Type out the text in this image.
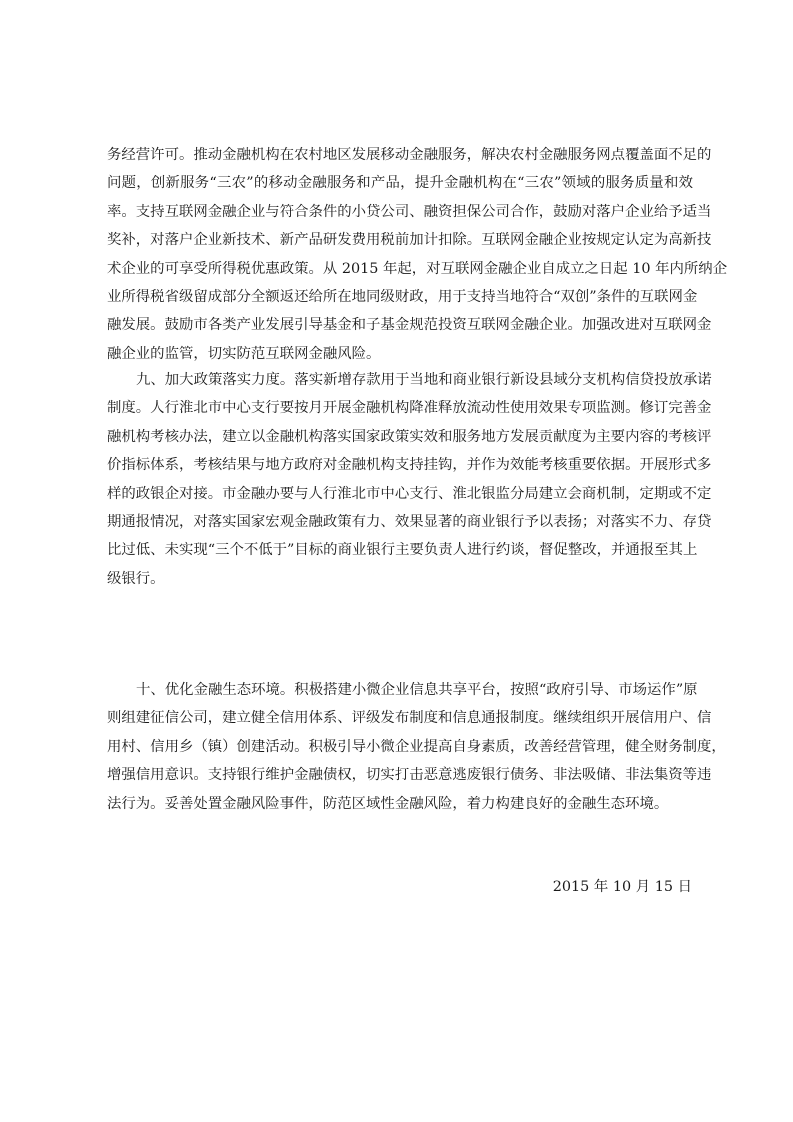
务经营许可。推动金融机构在农村地区发展移动金融服务，解决农村金融服务网点覆盖面不足的
问题，创新服务“三农”的移动金融服务和产品，提升金融机构在“三农”领域的服务质量和效
率。支持互联网金融企业与符合条件的小贷公司、融资担保公司合作，鼓励对落户企业给予适当
奖补，对落户企业新技术、新产品研发费用税前加计扣除。互联网金融企业按规定认定为高新技
术企业的可享受所得税优惠政策。从 2015 年起，对互联网金融企业自成立之日起 10 年内所纳企
业所得税省级留成部分全额返还给所在地同级财政，用于支持当地符合“双创”条件的互联网金
融发展。鼓励市各类产业发展引导基金和子基金规范投资互联网金融企业。加强改进对互联网金
融企业的监管，切实防范互联网金融风险。
九、加大政策落实力度。落实新增存款用于当地和商业银行新设县域分支机构信贷投放承诺
制度。人行淮北市中心支行要按月开展金融机构降准释放流动性使用效果专项监测。修订完善金
融机构考核办法，建立以金融机构落实国家政策实效和服务地方发展贡献度为主要内容的考核评
价指标体系，考核结果与地方政府对金融机构支持挂钩，并作为效能考核重要依据。开展形式多
样的政银企对接。市金融办要与人行淮北市中心支行、淮北银监分局建立会商机制，定期或不定
期通报情况，对落实国家宏观金融政策有力、效果显著的商业银行予以表扬；对落实不力、存贷
比过低、未实现“三个不低于”目标的商业银行主要负责人进行约谈，督促整改，并通报至其上
级银行。
十、优化金融生态环境。积极搭建小微企业信息共享平台，按照“政府引导、市场运作”原
则组建征信公司，建立健全信用体系、评级发布制度和信息通报制度。继续组织开展信用户、信
用村、信用乡（镇）创建活动。积极引导小微企业提高自身素质，改善经营管理，健全财务制度，
增强信用意识。支持银行维护金融债权，切实打击恶意逃废银行债务、非法吸储、非法集资等违
法行为。妥善处置金融风险事件，防范区域性金融风险，着力构建良好的金融生态环境。
2015 年 10 月 15 日
